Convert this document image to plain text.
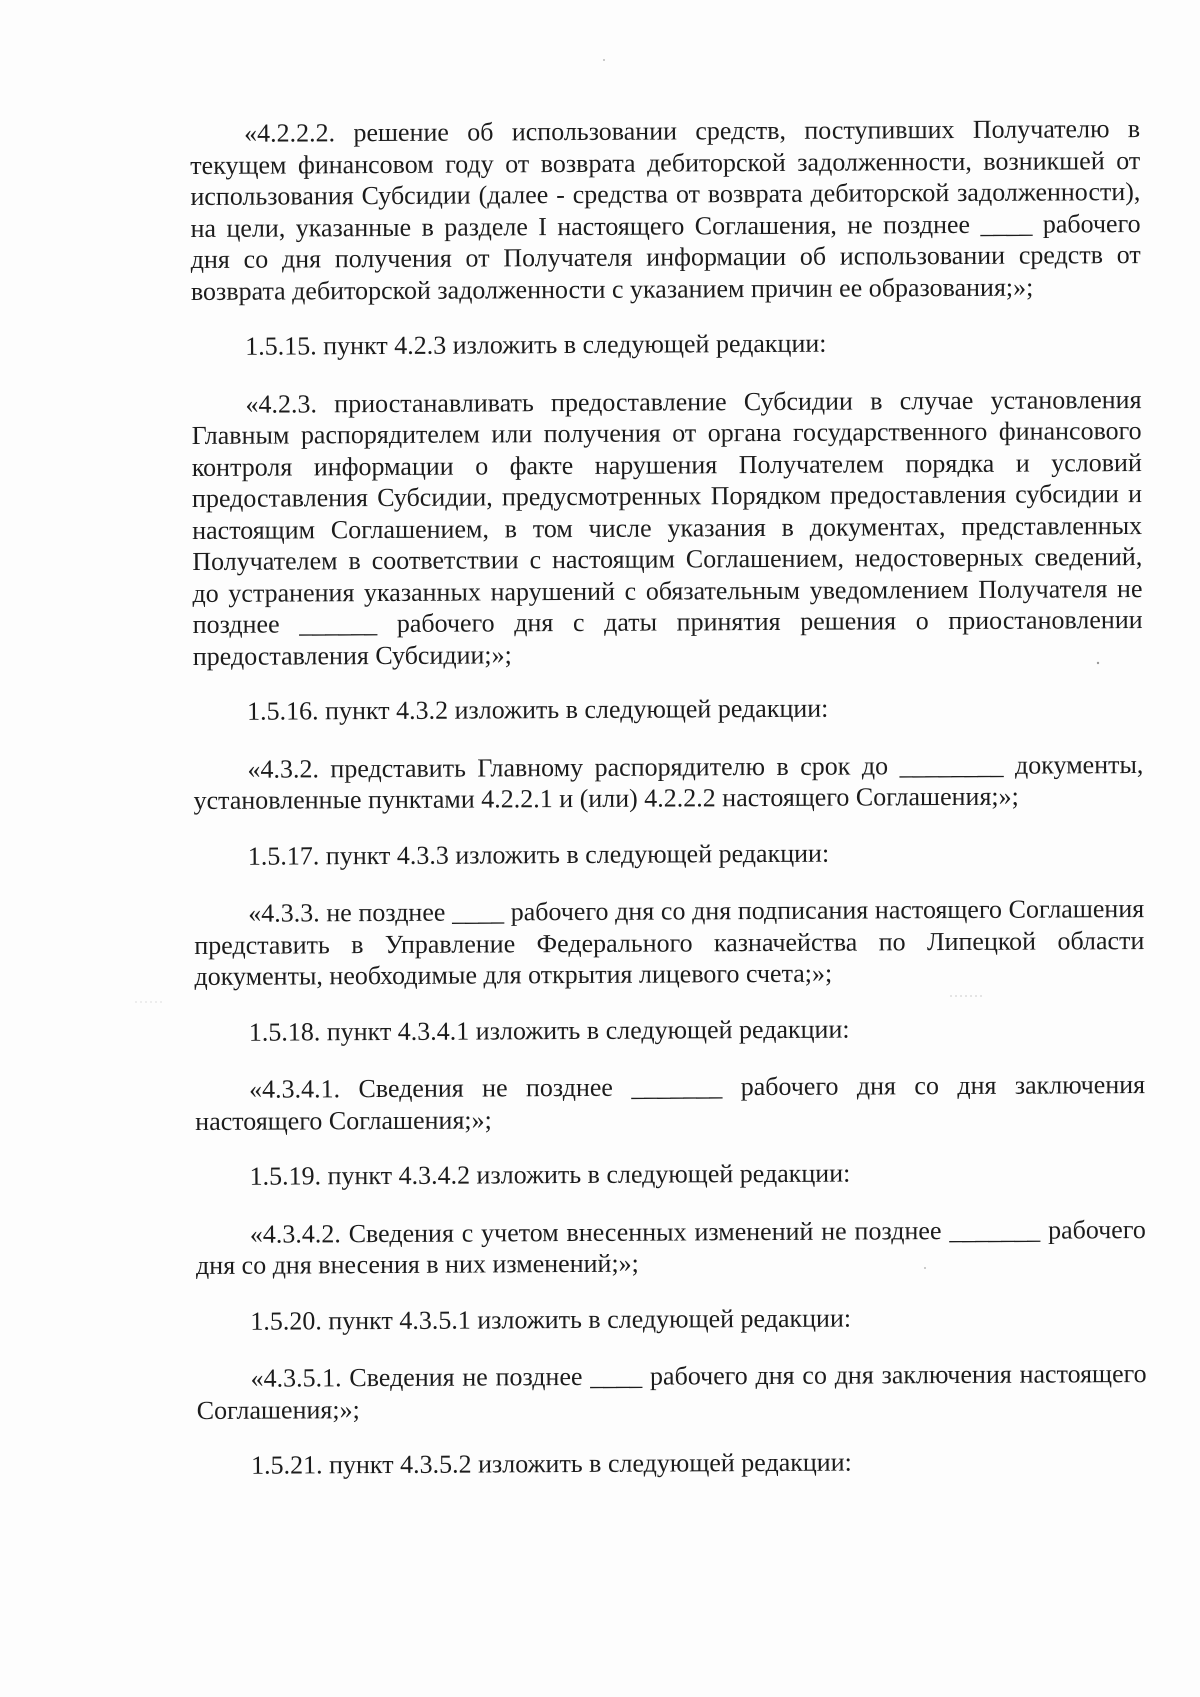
«4.2.2.2. решение об использовании средств, поступивших Получателю в текущем финансовом году от возврата дебиторской задолженности, возникшей от использования Субсидии (далее - средства от возврата дебиторской задолженности), на цели, указанные в разделе I настоящего Соглашения, не позднее ____ рабочего дня со дня получения от Получателя информации об использовании средств от возврата дебиторской задолженности с указанием причин ее образования;»;

1.5.15. пункт 4.2.3 изложить в следующей редакции:

«4.2.3. приостанавливать предоставление Субсидии в случае установления Главным распорядителем или получения от органа государственного финансового контроля информации о факте нарушения Получателем порядка и условий предоставления Субсидии, предусмотренных Порядком предоставления субсидии и настоящим Соглашением, в том числе указания в документах, представленных Получателем в соответствии с настоящим Соглашением, недостоверных сведений, до устранения указанных нарушений с обязательным уведомлением Получателя не позднее ______ рабочего дня с даты принятия решения о приостановлении предоставления Субсидии;»;

1.5.16. пункт 4.3.2 изложить в следующей редакции:

«4.3.2. представить Главному распорядителю в срок до ________ документы, установленные пунктами 4.2.2.1 и (или) 4.2.2.2 настоящего Соглашения;»;

1.5.17. пункт 4.3.3 изложить в следующей редакции:

«4.3.3. не позднее ____ рабочего дня со дня подписания настоящего Соглашения представить в Управление Федерального казначейства по Липецкой области документы, необходимые для открытия лицевого счета;»;

1.5.18. пункт 4.3.4.1 изложить в следующей редакции:

«4.3.4.1. Сведения не позднее _______ рабочего дня со дня заключения настоящего Соглашения;»;

1.5.19. пункт 4.3.4.2 изложить в следующей редакции:

«4.3.4.2. Сведения с учетом внесенных изменений не позднее _______ рабочего дня со дня внесения в них изменений;»;

1.5.20. пункт 4.3.5.1 изложить в следующей редакции:

«4.3.5.1. Сведения не позднее ____ рабочего дня со дня заключения настоящего Соглашения;»;

1.5.21. пункт 4.3.5.2 изложить в следующей редакции:
